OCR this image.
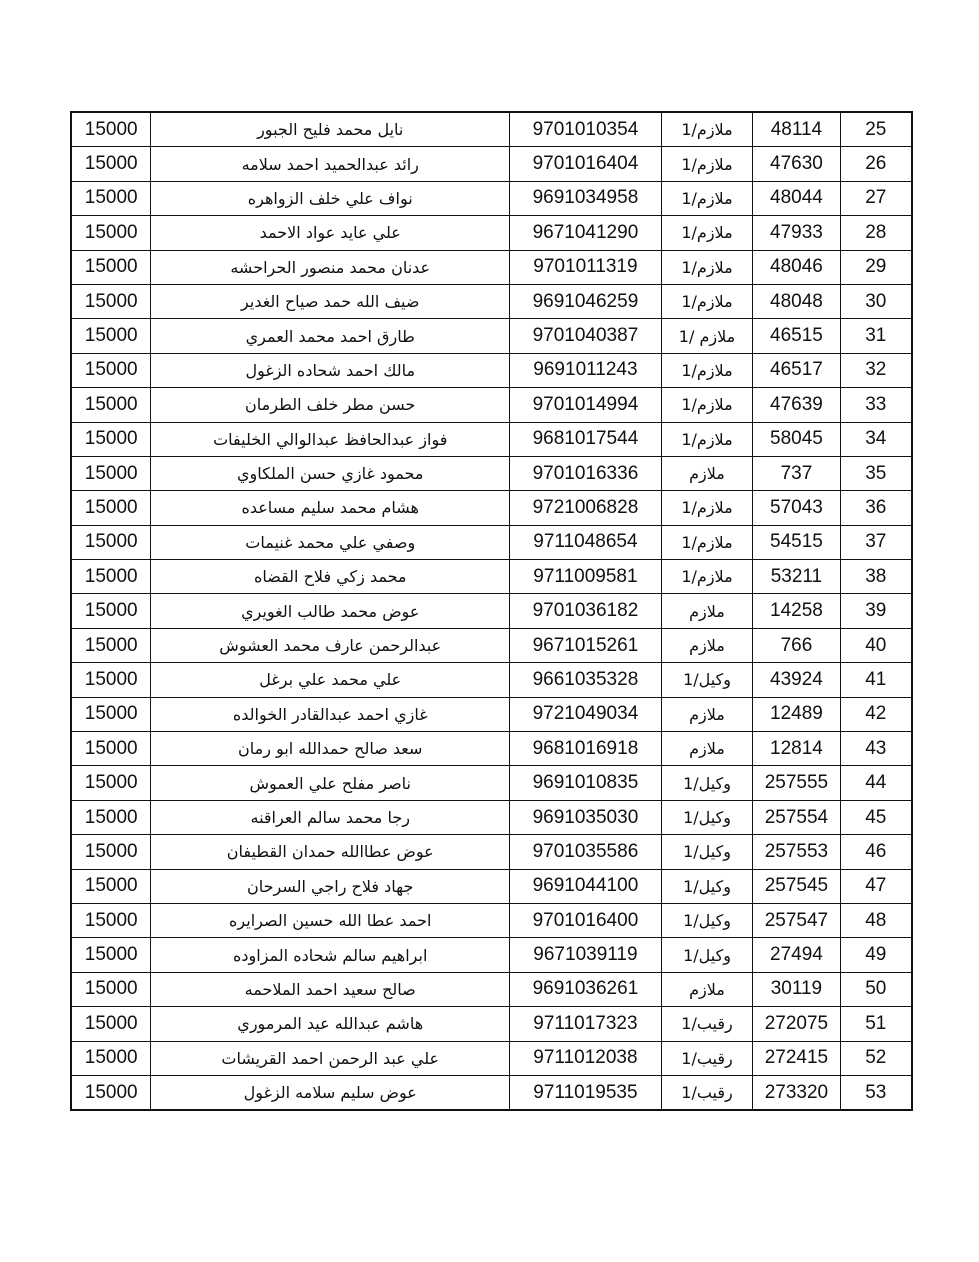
15000	نايل محمد فليح الجبور	9701010354	ملازم/1	48114	25
15000	رائد عبدالحميد احمد سلامه	9701016404	ملازم/1	47630	26
15000	نواف علي خلف الزواهره	9691034958	ملازم/1	48044	27
15000	علي عايد عواد الاحمد	9671041290	ملازم/1	47933	28
15000	عدنان محمد منصور الحراحشه	9701011319	ملازم/1	48046	29
15000	ضيف الله حمد صياح الغدير	9691046259	ملازم/1	48048	30
15000	طارق احمد محمد العمري	9701040387	ملازم /1	46515	31
15000	مالك احمد شحاده الزغول	9691011243	ملازم/1	46517	32
15000	حسن مطر خلف الطرمان	9701014994	ملازم/1	47639	33
15000	فواز عبدالحافظ عبدالوالي الخليفات	9681017544	ملازم/1	58045	34
15000	محمود غازي حسن الملكاوي	9701016336	ملازم	737	35
15000	هشام محمد سليم مساعده	9721006828	ملازم/1	57043	36
15000	وصفي علي محمد غنيمات	9711048654	ملازم/1	54515	37
15000	محمد زكي فلاح القضاه	9711009581	ملازم/1	53211	38
15000	عوض محمد طالب الغويري	9701036182	ملازم	14258	39
15000	عبدالرحمن عارف محمد العشوش	9671015261	ملازم	766	40
15000	علي محمد علي برغل	9661035328	وكيل/1	43924	41
15000	غازي احمد عبدالقادر الخوالده	9721049034	ملازم	12489	42
15000	سعد صالح حمدالله ابو رمان	9681016918	ملازم	12814	43
15000	ناصر مفلح علي العموش	9691010835	وكيل/1	257555	44
15000	رجا محمد سالم العراقنه	9691035030	وكيل/1	257554	45
15000	عوض عطاالله حمدان القطيفان	9701035586	وكيل/1	257553	46
15000	جهاد فلاح راجي السرحان	9691044100	وكيل/1	257545	47
15000	احمد عطا الله حسين الصرايره	9701016400	وكيل/1	257547	48
15000	ابراهيم سالم شحاده المزاوده	9671039119	وكيل/1	27494	49
15000	صالح سعيد احمد الملاحمه	9691036261	ملازم	30119	50
15000	هاشم عبدالله عيد المرموري	9711017323	رقيب/1	272075	51
15000	علي عبد الرحمن احمد القريشات	9711012038	رقيب/1	272415	52
15000	عوض سليم سلامه الزغول	9711019535	رقيب/1	273320	53
